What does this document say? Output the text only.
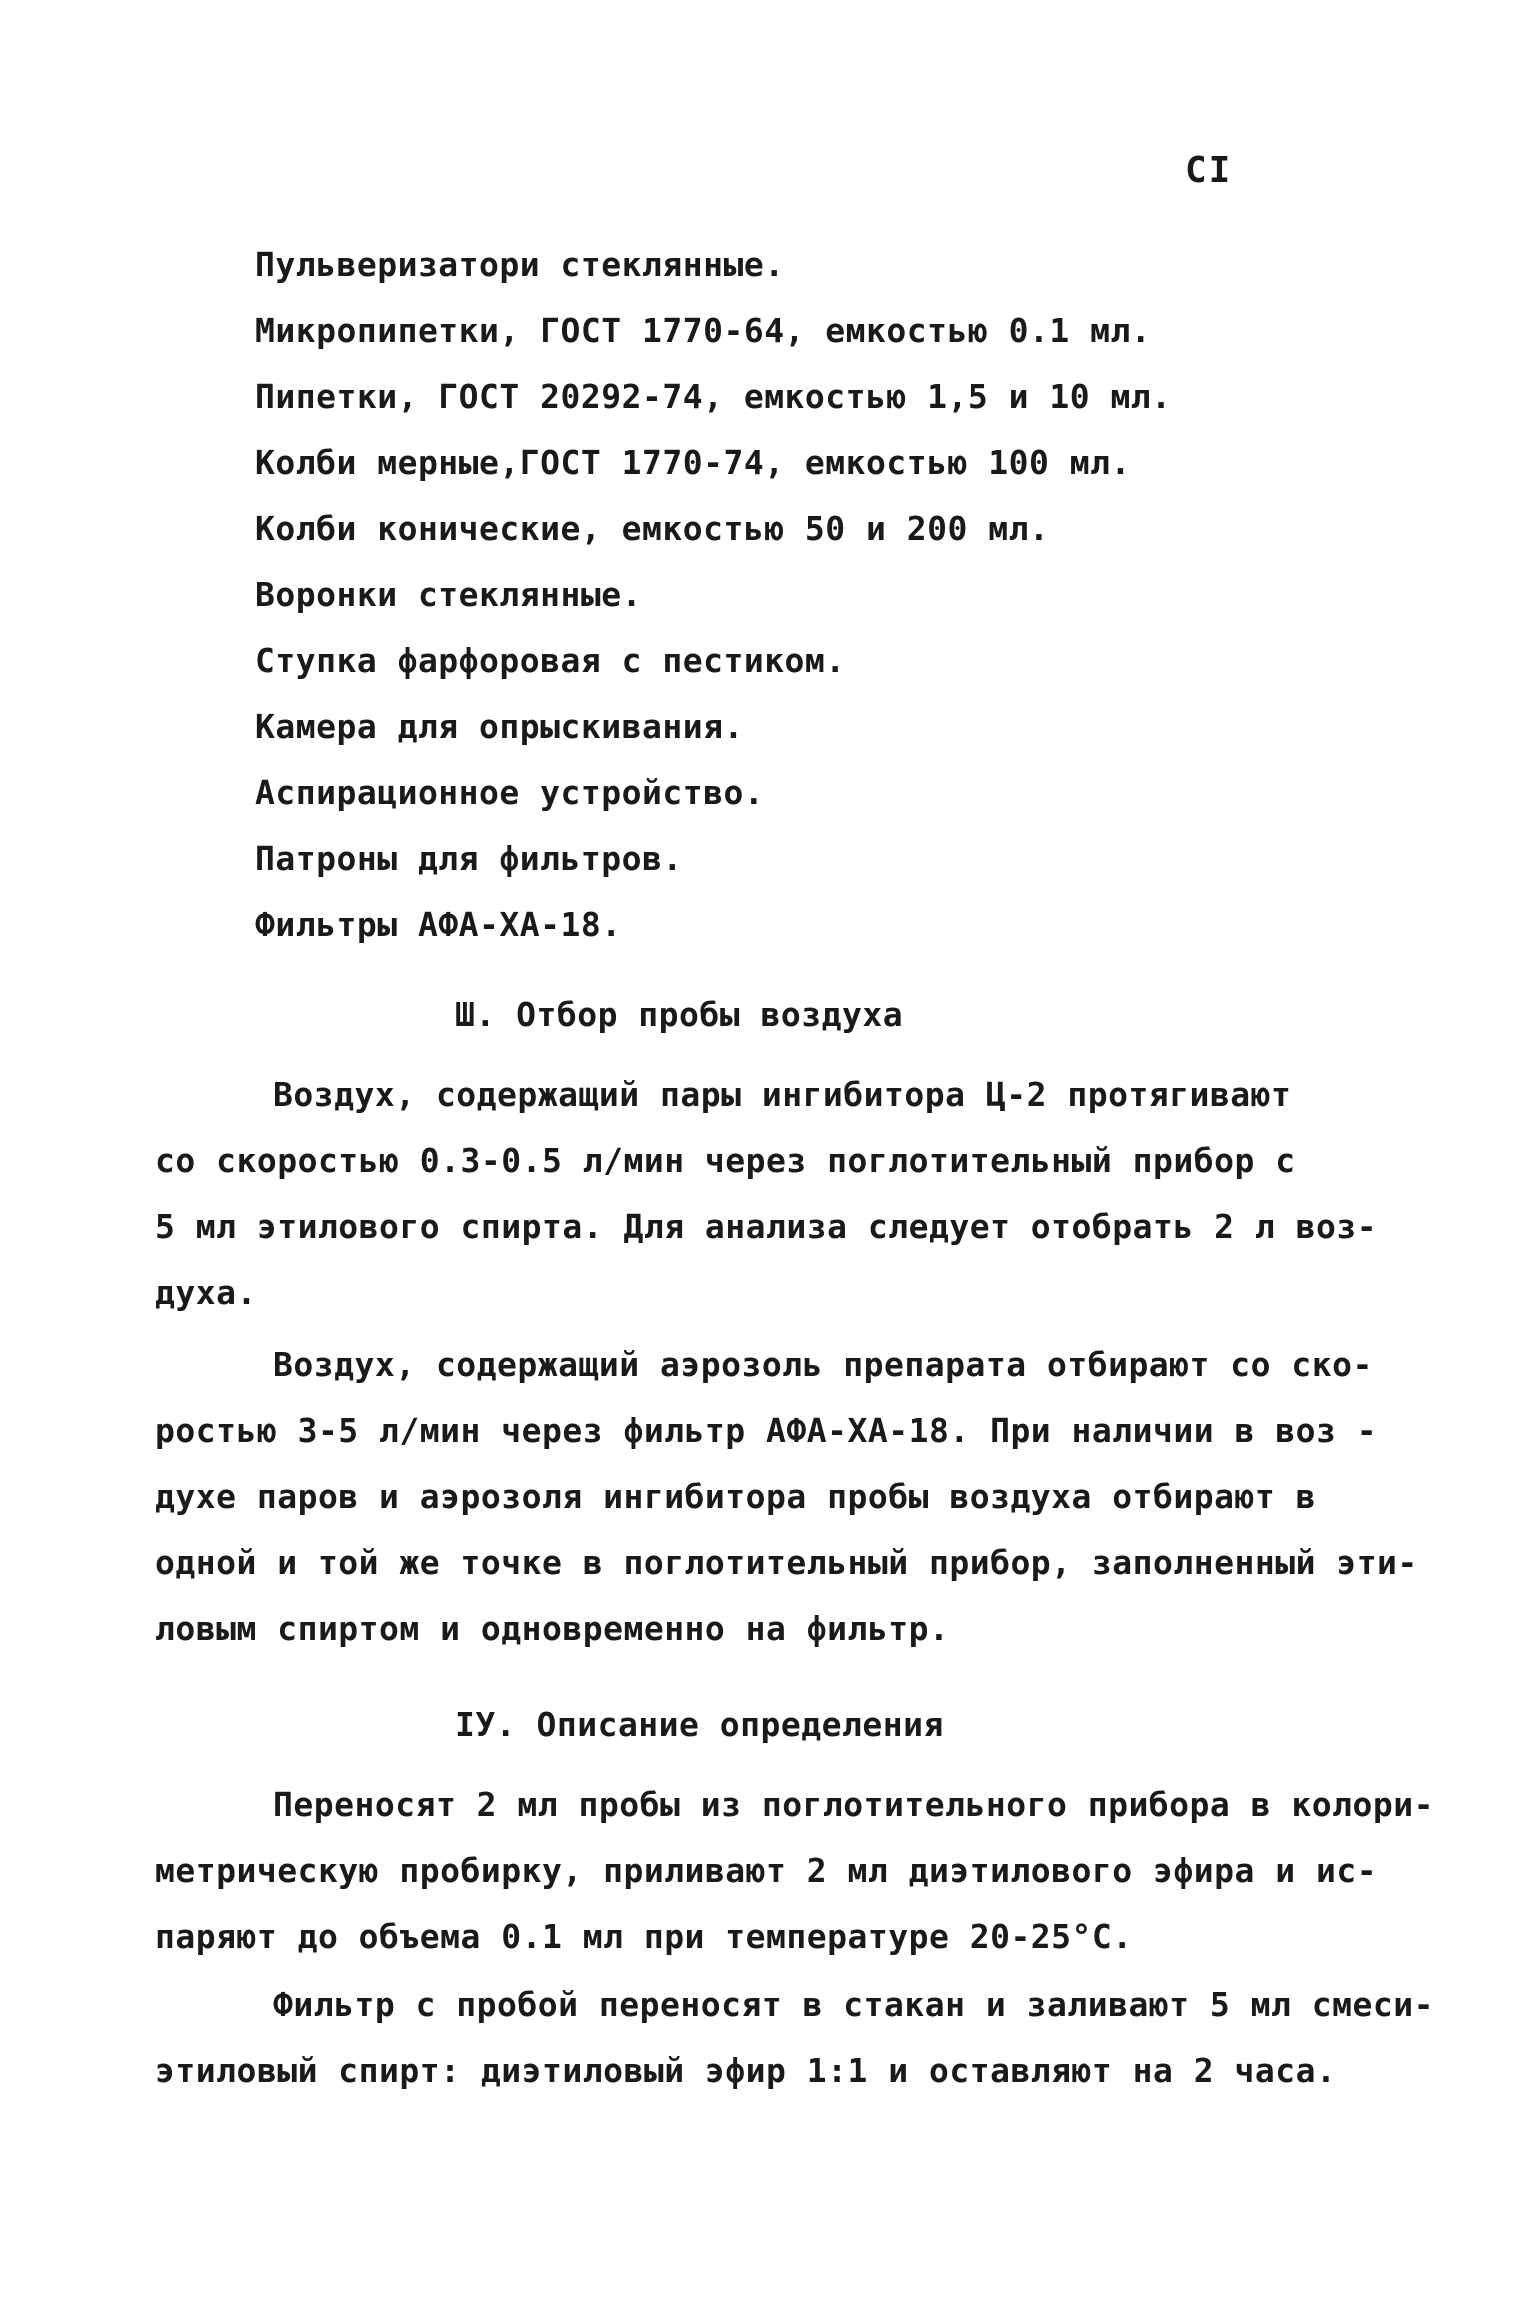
CI
Пульверизатори стеклянные.
Микропипетки, ГОСТ 1770-64, емкостью 0.1 мл.
Пипетки, ГОСТ 20292-74, емкостью 1,5 и 10 мл.
Колби мерные,ГОСТ 1770-74, емкостью 100 мл.
Колби конические, емкостью 50 и 200 мл.
Воронки стеклянные.
Ступка фарфоровая с пестиком.
Камера для опрыскивания.
Аспирационное устройство.
Патроны для фильтров.
Фильтры АФА-ХА-18.
Ш. Отбор пробы воздуха
Воздух, содержащий пары ингибитора Ц-2 протягивают
со скоростью 0.3-0.5 л/мин через поглотительный прибор с
5 мл этилового спирта. Для анализа следует отобрать 2 л воз-
духа.
Воздух, содержащий аэрозоль препарата отбирают со ско-
ростью 3-5 л/мин через фильтр АФА-ХА-18. При наличии в воз -
духе паров и аэрозоля ингибитора пробы воздуха отбирают в
одной и той же точке в поглотительный прибор, заполненный эти-
ловым спиртом и одновременно на фильтр.
IУ. Описание определения
Переносят 2 мл пробы из поглотительного прибора в колори-
метрическую пробирку, приливают 2 мл диэтилового эфира и ис-
паряют до объема 0.1 мл при температуре 20-25°С.
Фильтр с пробой переносят в стакан и заливают 5 мл смеси-
этиловый спирт: диэтиловый эфир 1:1 и оставляют на 2 часа.
